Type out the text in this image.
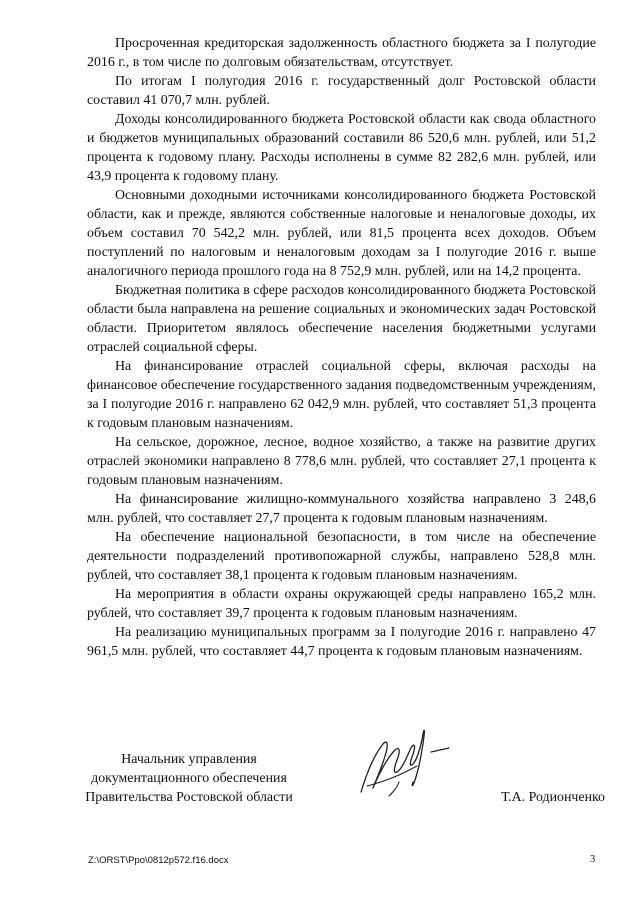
Просроченная кредиторская задолженность областного бюджета за I полугодие 2016 г., в том числе по долговым обязательствам, отсутствует.

По итогам I полугодия 2016 г. государственный долг Ростовской области составил 41 070,7 млн. рублей.

Доходы консолидированного бюджета Ростовской области как свода областного и бюджетов муниципальных образований составили 86 520,6 млн. рублей, или 51,2 процента к годовому плану. Расходы исполнены в сумме 82 282,6 млн. рублей, или 43,9 процента к годовому плану.

Основными доходными источниками консолидированного бюджета Ростовской области, как и прежде, являются собственные налоговые и неналоговые доходы, их объем составил 70 542,2 млн. рублей, или 81,5 процента всех доходов. Объем поступлений по налоговым и неналоговым доходам за I полугодие 2016 г. выше аналогичного периода прошлого года на 8 752,9 млн. рублей, или на 14,2 процента.

Бюджетная политика в сфере расходов консолидированного бюджета Ростовской области была направлена на решение социальных и экономических задач Ростовской области. Приоритетом являлось обеспечение населения бюджетными услугами отраслей социальной сферы.

На финансирование отраслей социальной сферы, включая расходы на финансовое обеспечение государственного задания подведомственным учреждениям, за I полугодие 2016 г. направлено 62 042,9 млн. рублей, что составляет 51,3 процента к годовым плановым назначениям.

На сельское, дорожное, лесное, водное хозяйство, а также на развитие других отраслей экономики направлено 8 778,6 млн. рублей, что составляет 27,1 процента к годовым плановым назначениям.

На финансирование жилищно-коммунального хозяйства направлено 3 248,6 млн. рублей, что составляет 27,7 процента к годовым плановым назначениям.

На обеспечение национальной безопасности, в том числе на обеспечение деятельности подразделений противопожарной службы, направлено 528,8 млн. рублей, что составляет 38,1 процента к годовым плановым назначениям.

На мероприятия в области охраны окружающей среды направлено 165,2 млн. рублей, что составляет 39,7 процента к годовым плановым назначениям.

На реализацию муниципальных программ за I полугодие 2016 г. направлено 47 961,5 млн. рублей, что составляет 44,7 процента к годовым плановым назначениям.

Начальник управления
документационного обеспечения
Правительства Ростовской области	Т.А. Родионченко
Z:\ORST\Ppo\0812p572.f16.docx	3
